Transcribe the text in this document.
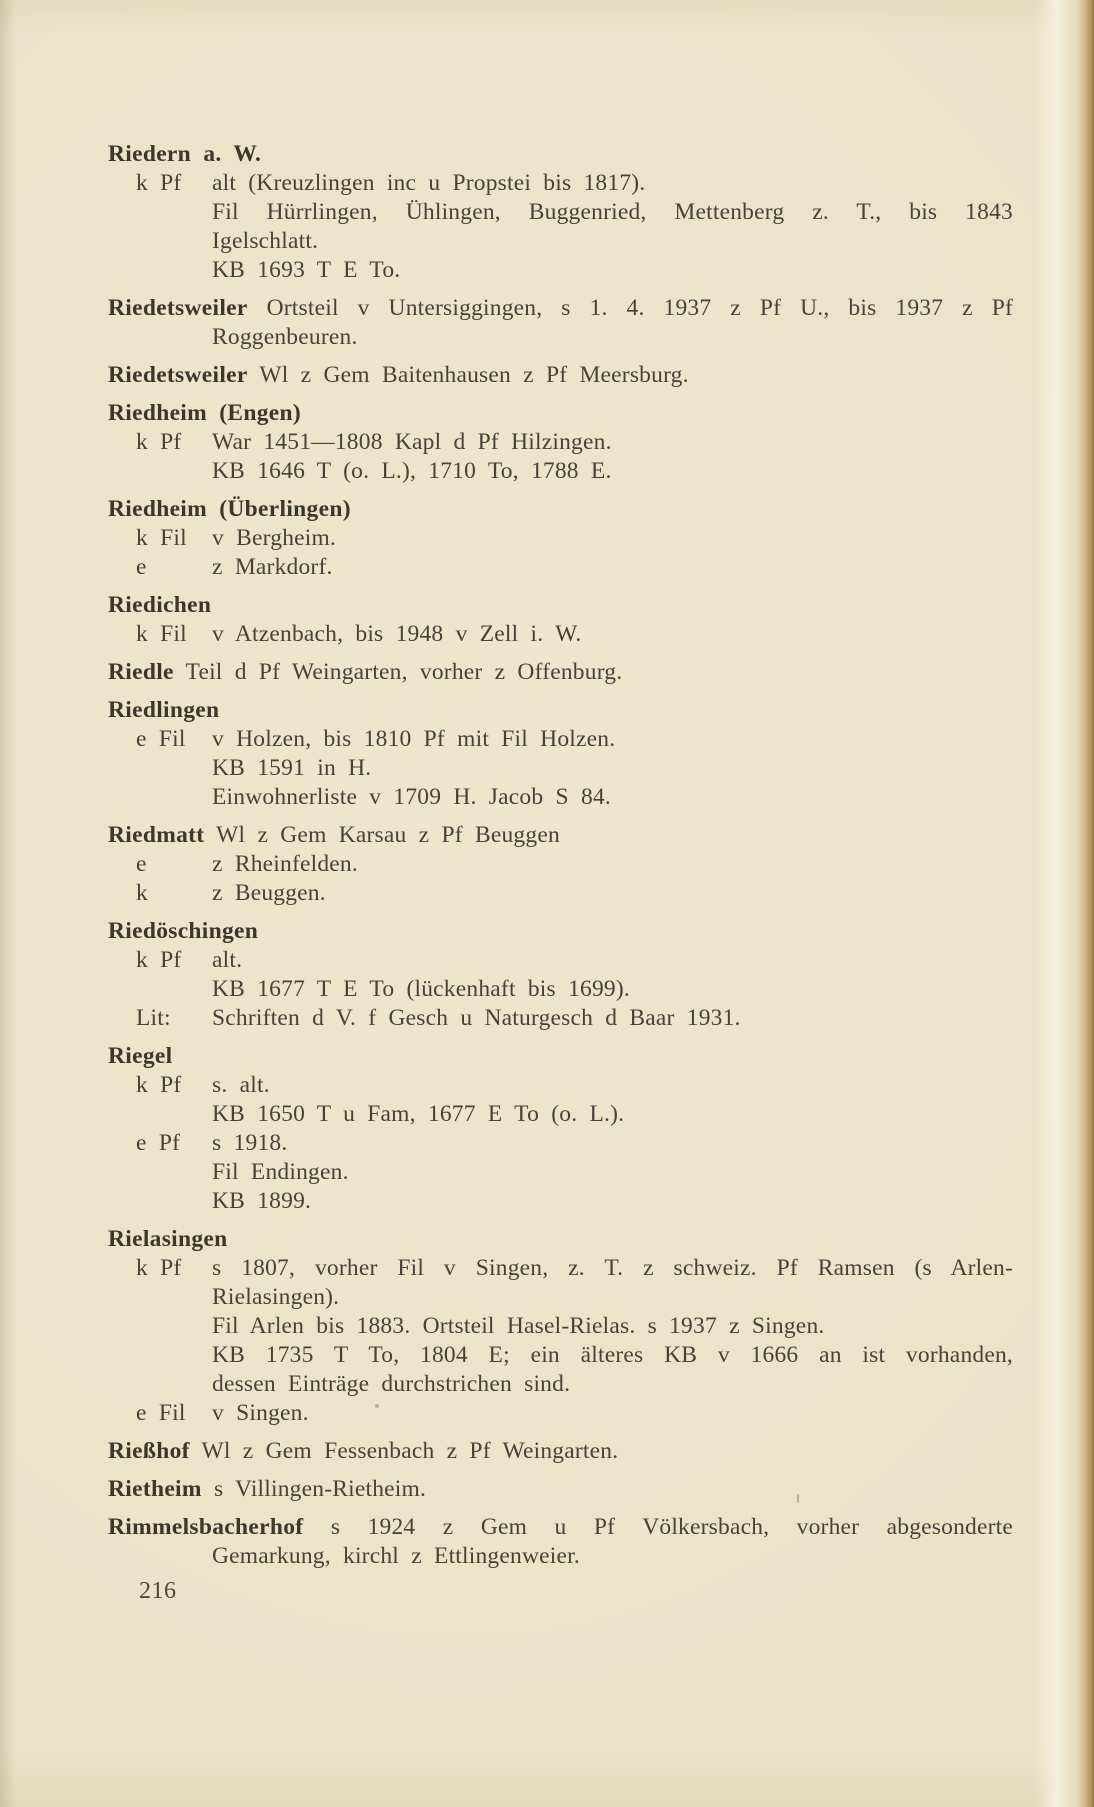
Riedern a. W.
k Pf	alt (Kreuzlingen inc u Propstei bis 1817).
Fil Hürrlingen, Ühlingen, Buggenried, Mettenberg z. T., bis 1843
Igelschlatt.
KB 1693 T E To.
Riedetsweiler Ortsteil v Untersiggingen, s 1. 4. 1937 z Pf U., bis 1937 z Pf
Roggenbeuren.
Riedetsweiler Wl z Gem Baitenhausen z Pf Meersburg.
Riedheim (Engen)
k Pf	War 1451—1808 Kapl d Pf Hilzingen.
KB 1646 T (o. L.), 1710 To, 1788 E.
Riedheim (Überlingen)
k Fil	v Bergheim.
e	z Markdorf.
Riedichen
k Fil	v Atzenbach, bis 1948 v Zell i. W.
Riedle Teil d Pf Weingarten, vorher z Offenburg.
Riedlingen
e Fil	v Holzen, bis 1810 Pf mit Fil Holzen.
KB 1591 in H.
Einwohnerliste v 1709 H. Jacob S 84.
Riedmatt Wl z Gem Karsau z Pf Beuggen
e	z Rheinfelden.
k	z Beuggen.
Riedöschingen
k Pf	alt.
KB 1677 T E To (lückenhaft bis 1699).
Lit:	Schriften d V. f Gesch u Naturgesch d Baar 1931.
Riegel
k Pf	s. alt.
KB 1650 T u Fam, 1677 E To (o. L.).
e Pf	s 1918.
Fil Endingen.
KB 1899.
Rielasingen
k Pf	s 1807, vorher Fil v Singen, z. T. z schweiz. Pf Ramsen (s Arlen-
Rielasingen).
Fil Arlen bis 1883. Ortsteil Hasel-Rielas. s 1937 z Singen.
KB 1735 T To, 1804 E; ein älteres KB v 1666 an ist vorhanden,
dessen Einträge durchstrichen sind.
e Fil	v Singen.
Rießhof Wl z Gem Fessenbach z Pf Weingarten.
Rietheim s Villingen-Rietheim.
Rimmelsbacherhof s 1924 z Gem u Pf Völkersbach, vorher abgesonderte
Gemarkung, kirchl z Ettlingenweier.
216
